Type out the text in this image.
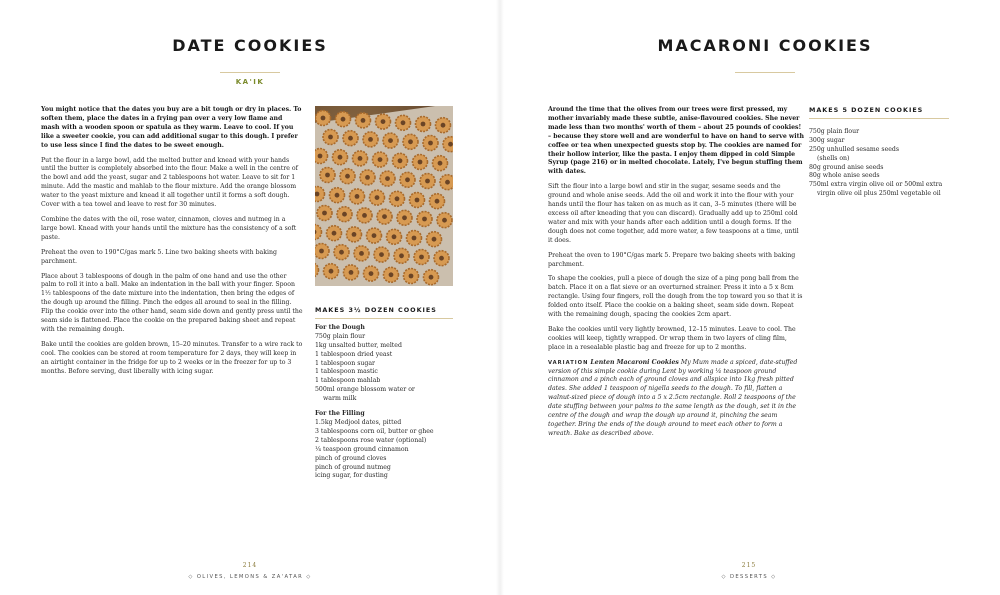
DATE COOKIES
KA'IK

You might notice that the dates you buy are a bit tough or dry in places. To soften them, place the dates in a frying pan over a very low flame and mash with a wooden spoon or spatula as they warm. Leave to cool. If you like a sweeter cookie, you can add additional sugar to this dough. I prefer to use less since I find the dates to be sweet enough.

Put the flour in a large bowl, add the melted butter and knead with your hands until the butter is completely absorbed into the flour. Make a well in the centre of the bowl and add the yeast, sugar and 2 tablespoons hot water. Leave to sit for 1 minute. Add the mastic and mahlab to the flour mixture. Add the orange blossom water to the yeast mixture and knead it all together until it forms a soft dough. Cover with a tea towel and leave to rest for 30 minutes.

Combine the dates with the oil, rose water, cinnamon, cloves and nutmeg in a large bowl. Knead with your hands until the mixture has the consistency of a soft paste.

Preheat the oven to 190°C/gas mark 5. Line two baking sheets with baking parchment.

Place about 3 tablespoons of dough in the palm of one hand and use the other palm to roll it into a ball. Make an indentation in the ball with your finger. Spoon 1½ tablespoons of the date mixture into the indentation, then bring the edges of the dough up around the filling. Pinch the edges all around to seal in the filling. Flip the cookie over into the other hand, seam side down and gently press until the seam side is flattened. Place the cookie on the prepared baking sheet and repeat with the remaining dough.

Bake until the cookies are golden brown, 15–20 minutes. Transfer to a wire rack to cool. The cookies can be stored at room temperature for 2 days, they will keep in an airtight container in the fridge for up to 2 weeks or in the freezer for up to 3 months. Before serving, dust liberally with icing sugar.

MAKES 3½ DOZEN COOKIES
For the Dough
750g plain flour
1kg unsalted butter, melted
1 tablespoon dried yeast
1 tablespoon sugar
1 tablespoon mastic
1 tablespoon mahlab
500ml orange blossom water or
warm milk
For the Filling
1.5kg Medjool dates, pitted
3 tablespoons corn oil, butter or ghee
2 tablespoons rose water (optional)
¼ teaspoon ground cinnamon
pinch of ground cloves
pinch of ground nutmeg
icing sugar, for dusting
214
◇ OLIVES, LEMONS & ZA'ATAR ◇
MACARONI COOKIES

Around the time that the olives from our trees were first pressed, my mother invariably made these subtle, anise-flavoured cookies. She never made less than two months' worth of them – about 25 pounds of cookies! – because they store well and are wonderful to have on hand to serve with coffee or tea when unexpected guests stop by. The cookies are named for their hollow interior, like the pasta. I enjoy them dipped in cold Simple Syrup (page 216) or in melted chocolate. Lately, I've begun stuffing them with dates.

Sift the flour into a large bowl and stir in the sugar, sesame seeds and the ground and whole anise seeds. Add the oil and work it into the flour with your hands until the flour has taken on as much as it can, 3–5 minutes (there will be excess oil after kneading that you can discard). Gradually add up to 250ml cold water and mix with your hands after each addition until a dough forms. If the dough does not come together, add more water, a few teaspoons at a time, until it does.

Preheat the oven to 190°C/gas mark 5. Prepare two baking sheets with baking parchment.

To shape the cookies, pull a piece of dough the size of a ping pong ball from the batch. Place it on a flat sieve or an overturned strainer. Press it into a 5 x 8cm rectangle. Using four fingers, roll the dough from the top toward you so that it is folded onto itself. Place the cookie on a baking sheet, seam side down. Repeat with the remaining dough, spacing the cookies 2cm apart.

Bake the cookies until very lightly browned, 12–15 minutes. Leave to cool. The cookies will keep, tightly wrapped. Or wrap them in two layers of cling film, place in a resealable plastic bag and freeze for up to 2 months.

VARIATION Lenten Macaroni Cookies My Mum made a spiced, date-stuffed version of this simple cookie during Lent by working ¼ teaspoon ground cinnamon and a pinch each of ground cloves and allspice into 1kg fresh pitted dates. She added 1 teaspoon of nigella seeds to the dough. To fill, flatten a walnut-sized piece of dough into a 5 x 2.5cm rectangle. Roll 2 teaspoons of the date stuffing between your palms to the same length as the dough, set it in the centre of the dough and wrap the dough up around it, pinching the seam together. Bring the ends of the dough around to meet each other to form a wreath. Bake as described above.

MAKES 5 DOZEN COOKIES
750g plain flour
300g sugar
250g unhulled sesame seeds
(shells on)
80g ground anise seeds
80g whole anise seeds
750ml extra virgin olive oil or 500ml extra
virgin olive oil plus 250ml vegetable oil
215
◇ DESSERTS ◇
